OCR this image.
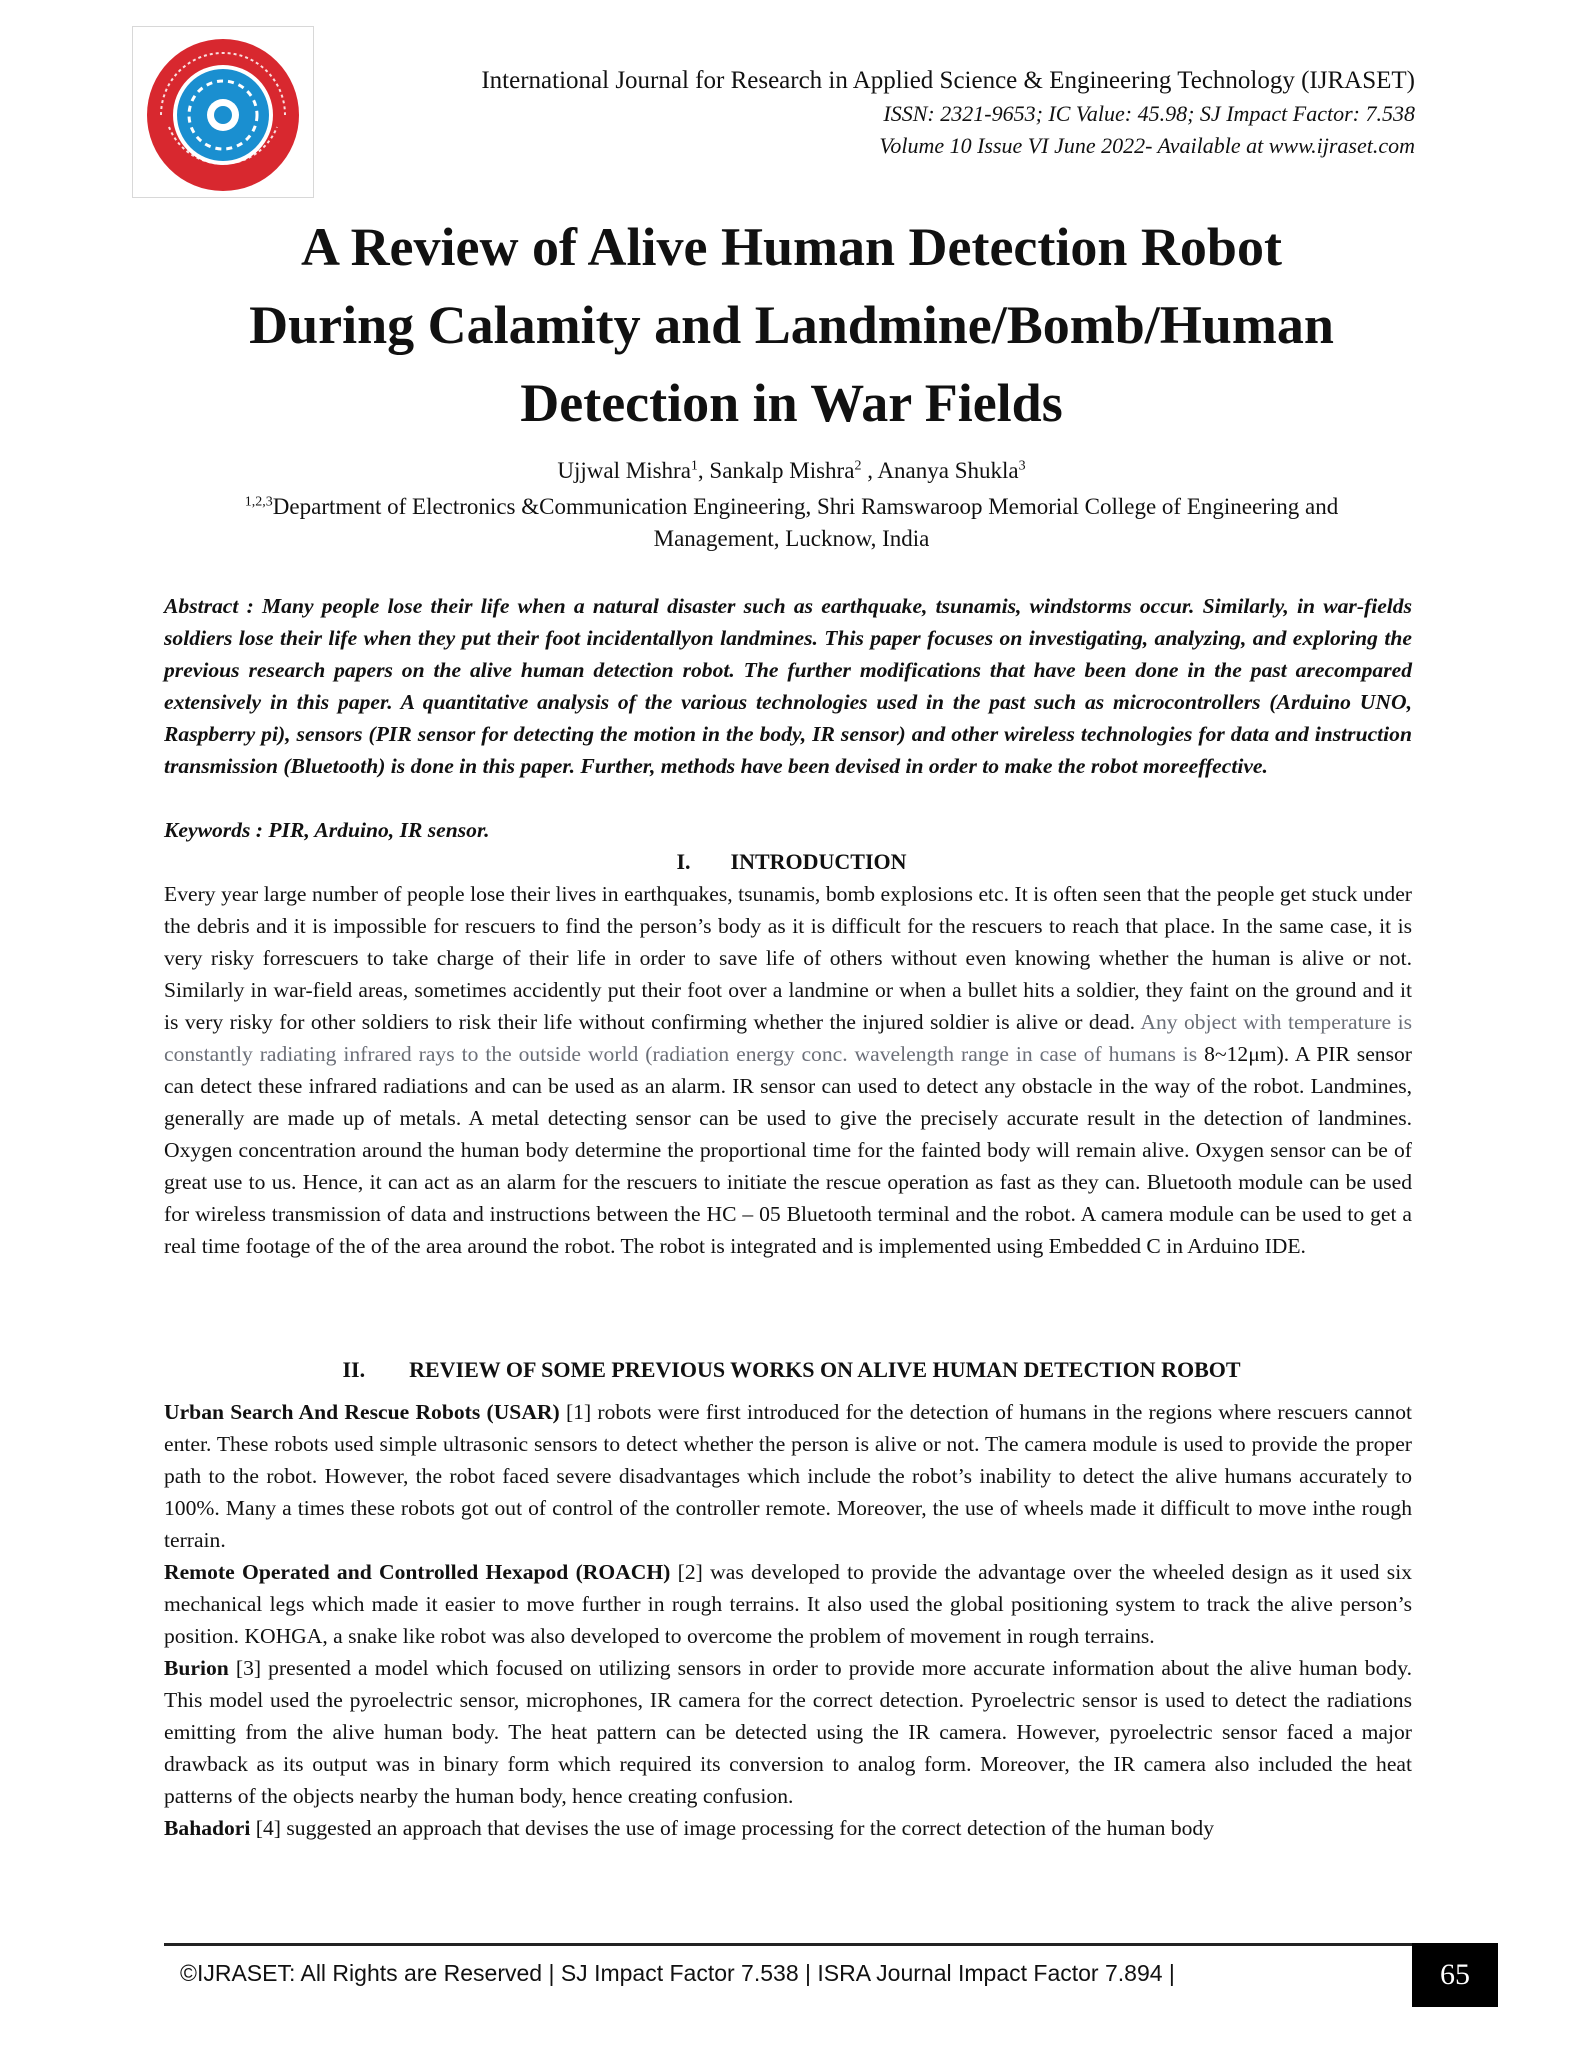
International Journal for Research in Applied Science & Engineering Technology (IJRASET)
ISSN: 2321-9653; IC Value: 45.98; SJ Impact Factor: 7.538
Volume 10 Issue VI June 2022- Available at www.ijraset.com
A Review of Alive Human Detection Robot
During Calamity and Landmine/Bomb/Human
Detection in War Fields
Ujjwal Mishra$^1$, Sankalp Mishra$^2$ , Ananya Shukla$^3$
$^{1,2,3}$Department of Electronics &Communication Engineering, Shri Ramswaroop Memorial College of Engineering and
Management, Lucknow, India
Abstract : Many people lose their life when a natural disaster such as earthquake, tsunamis, windstorms occur. Similarly, in war-fields soldiers lose their life when they put their foot incidentallyon landmines. This paper focuses on investigating, analyzing, and exploring the previous research papers on the alive human detection robot. The further modifications that have been done in the past arecompared extensively in this paper. A quantitative analysis of the various technologies used in the past such as microcontrollers (Arduino UNO, Raspberry pi), sensors (PIR sensor for detecting the motion in the body, IR sensor) and other wireless technologies for data and instruction transmission (Bluetooth) is done in this paper. Further, methods have been devised in order to make the robot moreeffective.
Keywords : PIR, Arduino, IR sensor.
I. INTRODUCTION
Every year large number of people lose their lives in earthquakes, tsunamis, bomb explosions etc. It is often seen that the people get stuck under the debris and it is impossible for rescuers to find the person’s body as it is difficult for the rescuers to reach that place. In the same case, it is very risky forrescuers to take charge of their life in order to save life of others without even knowing whether the human is alive or not. Similarly in war-field areas, sometimes accidently put their foot over a landmine or when a bullet hits a soldier, they faint on the ground and it is very risky for other soldiers to risk their life without confirming whether the injured soldier is alive or dead. Any object with temperature is constantly radiating infrared rays to the outside world (radiation energy conc. wavelength range in case of humans is 8~12μm). A PIR sensor can detect these infrared radiations and can be used as an alarm. IR sensor can used to detect any obstacle in the way of the robot. Landmines, generally are made up of metals. A metal detecting sensor can be used to give the precisely accurate result in the detection of landmines. Oxygen concentration around the human body determine the proportional time for the fainted body will remain alive. Oxygen sensor can be of great use to us. Hence, it can act as an alarm for the rescuers to initiate the rescue operation as fast as they can. Bluetooth module can be used for wireless transmission of data and instructions between the HC – 05 Bluetooth terminal and the robot. A camera module can be used to get a real time footage of the of the area around the robot. The robot is integrated and is implemented using Embedded C in Arduino IDE.
II. REVIEW OF SOME PREVIOUS WORKS ON ALIVE HUMAN DETECTION ROBOT

Urban Search And Rescue Robots (USAR) [1] robots were first introduced for the detection of humans in the regions where rescuers cannot enter. These robots used simple ultrasonic sensors to detect whether the person is alive or not. The camera module is used to provide the proper path to the robot. However, the robot faced severe disadvantages which include the robot’s inability to detect the alive humans accurately to 100%. Many a times these robots got out of control of the controller remote. Moreover, the use of wheels made it difficult to move inthe rough terrain.

Remote Operated and Controlled Hexapod (ROACH) [2] was developed to provide the advantage over the wheeled design as it used six mechanical legs which made it easier to move further in rough terrains. It also used the global positioning system to track the alive person’s position. KOHGA, a snake like robot was also developed to overcome the problem of movement in rough terrains.

Burion [3] presented a model which focused on utilizing sensors in order to provide more accurate information about the alive human body. This model used the pyroelectric sensor, microphones, IR camera for the correct detection. Pyroelectric sensor is used to detect the radiations emitting from the alive human body. The heat pattern can be detected using the IR camera. However, pyroelectric sensor faced a major drawback as its output was in binary form which required its conversion to analog form. Moreover, the IR camera also included the heat patterns of the objects nearby the human body, hence creating confusion.

Bahadori [4] suggested an approach that devises the use of image processing for the correct detection of the human body

©IJRASET: All Rights are Reserved | SJ Impact Factor 7.538 | ISRA Journal Impact Factor 7.894 |	65
